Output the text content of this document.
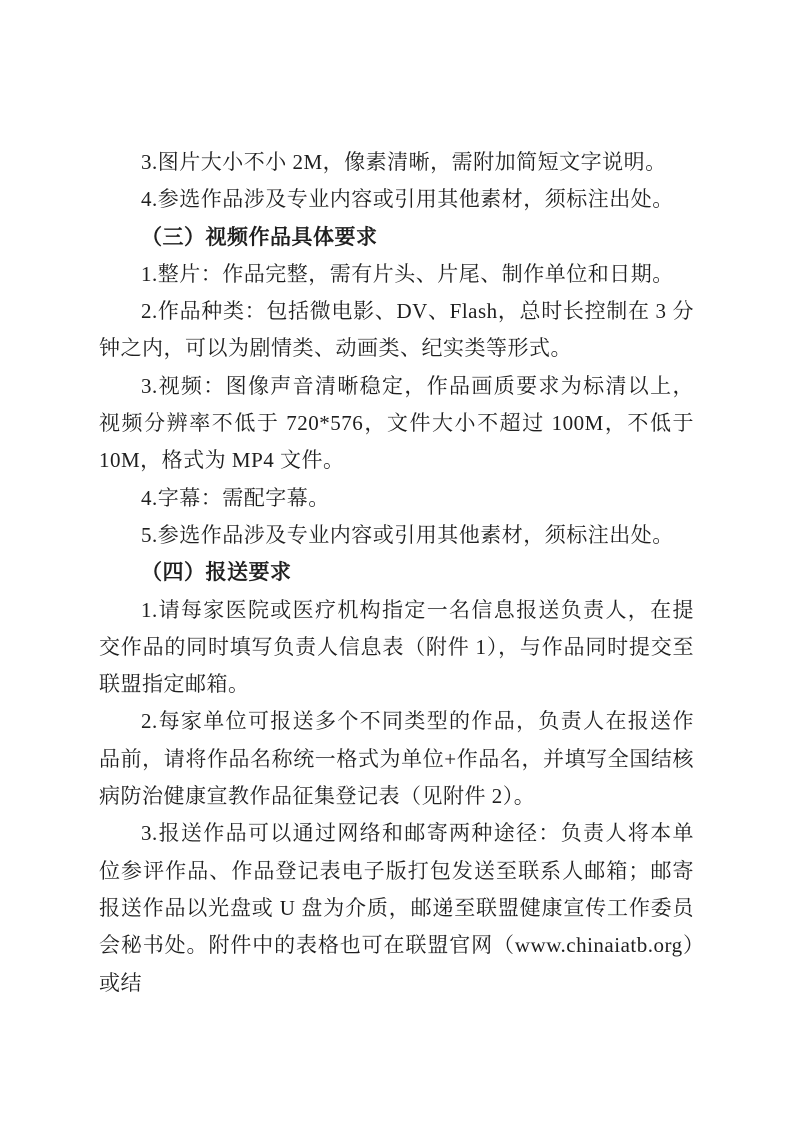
3.图片大小不小 2M，像素清晰，需附加简短文字说明。

4.参选作品涉及专业内容或引用其他素材，须标注出处。

（三）视频作品具体要求

1.整片：作品完整，需有片头、片尾、制作单位和日期。

2.作品种类：包括微电影、DV、Flash，总时长控制在 3 分钟之内，可以为剧情类、动画类、纪实类等形式。

3.视频：图像声音清晰稳定，作品画质要求为标清以上，视频分辨率不低于 720*576，文件大小不超过 100M，不低于 10M，格式为 MP4 文件。

4.字幕：需配字幕。

5.参选作品涉及专业内容或引用其他素材，须标注出处。

（四）报送要求

1.请每家医院或医疗机构指定一名信息报送负责人，在提交作品的同时填写负责人信息表（附件 1），与作品同时提交至联盟指定邮箱。

2.每家单位可报送多个不同类型的作品，负责人在报送作品前，请将作品名称统一格式为单位+作品名，并填写全国结核病防治健康宣教作品征集登记表（见附件 2）。

3.报送作品可以通过网络和邮寄两种途径：负责人将本单位参评作品、作品登记表电子版打包发送至联系人邮箱；邮寄报送作品以光盘或 U 盘为介质，邮递至联盟健康宣传工作委员会秘书处。附件中的表格也可在联盟官网（www.chinaiatb.org）或结
